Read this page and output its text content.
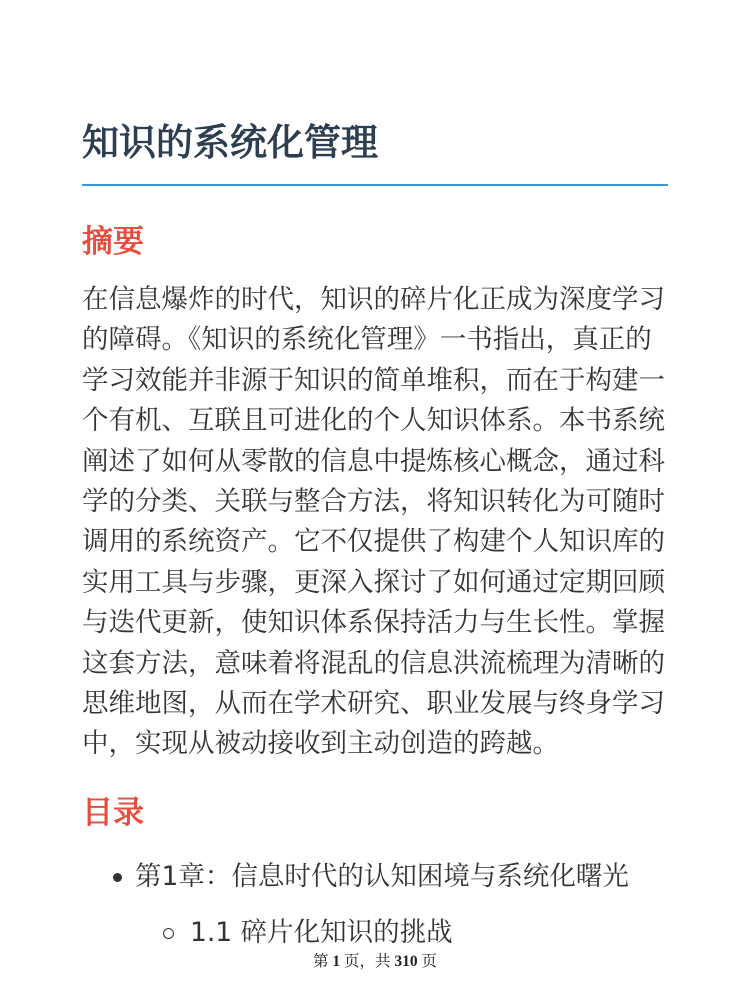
知识的系统化管理
摘要
在信息爆炸的时代，知识的碎片化正成为深度学习
的障碍。《知识的系统化管理》一书指出，真正的
学习效能并非源于知识的简单堆积，而在于构建一
个有机、互联且可进化的个人知识体系。本书系统
阐述了如何从零散的信息中提炼核心概念，通过科
学的分类、关联与整合方法，将知识转化为可随时
调用的系统资产。它不仅提供了构建个人知识库的
实用工具与步骤，更深入探讨了如何通过定期回顾
与迭代更新，使知识体系保持活力与生长性。掌握
这套方法，意味着将混乱的信息洪流梳理为清晰的
思维地图，从而在学术研究、职业发展与终身学习
中，实现从被动接收到主动创造的跨越。
目录
第1章：信息时代的认知困境与系统化曙光
1.1 碎片化知识的挑战
第 1 页，共 310 页
